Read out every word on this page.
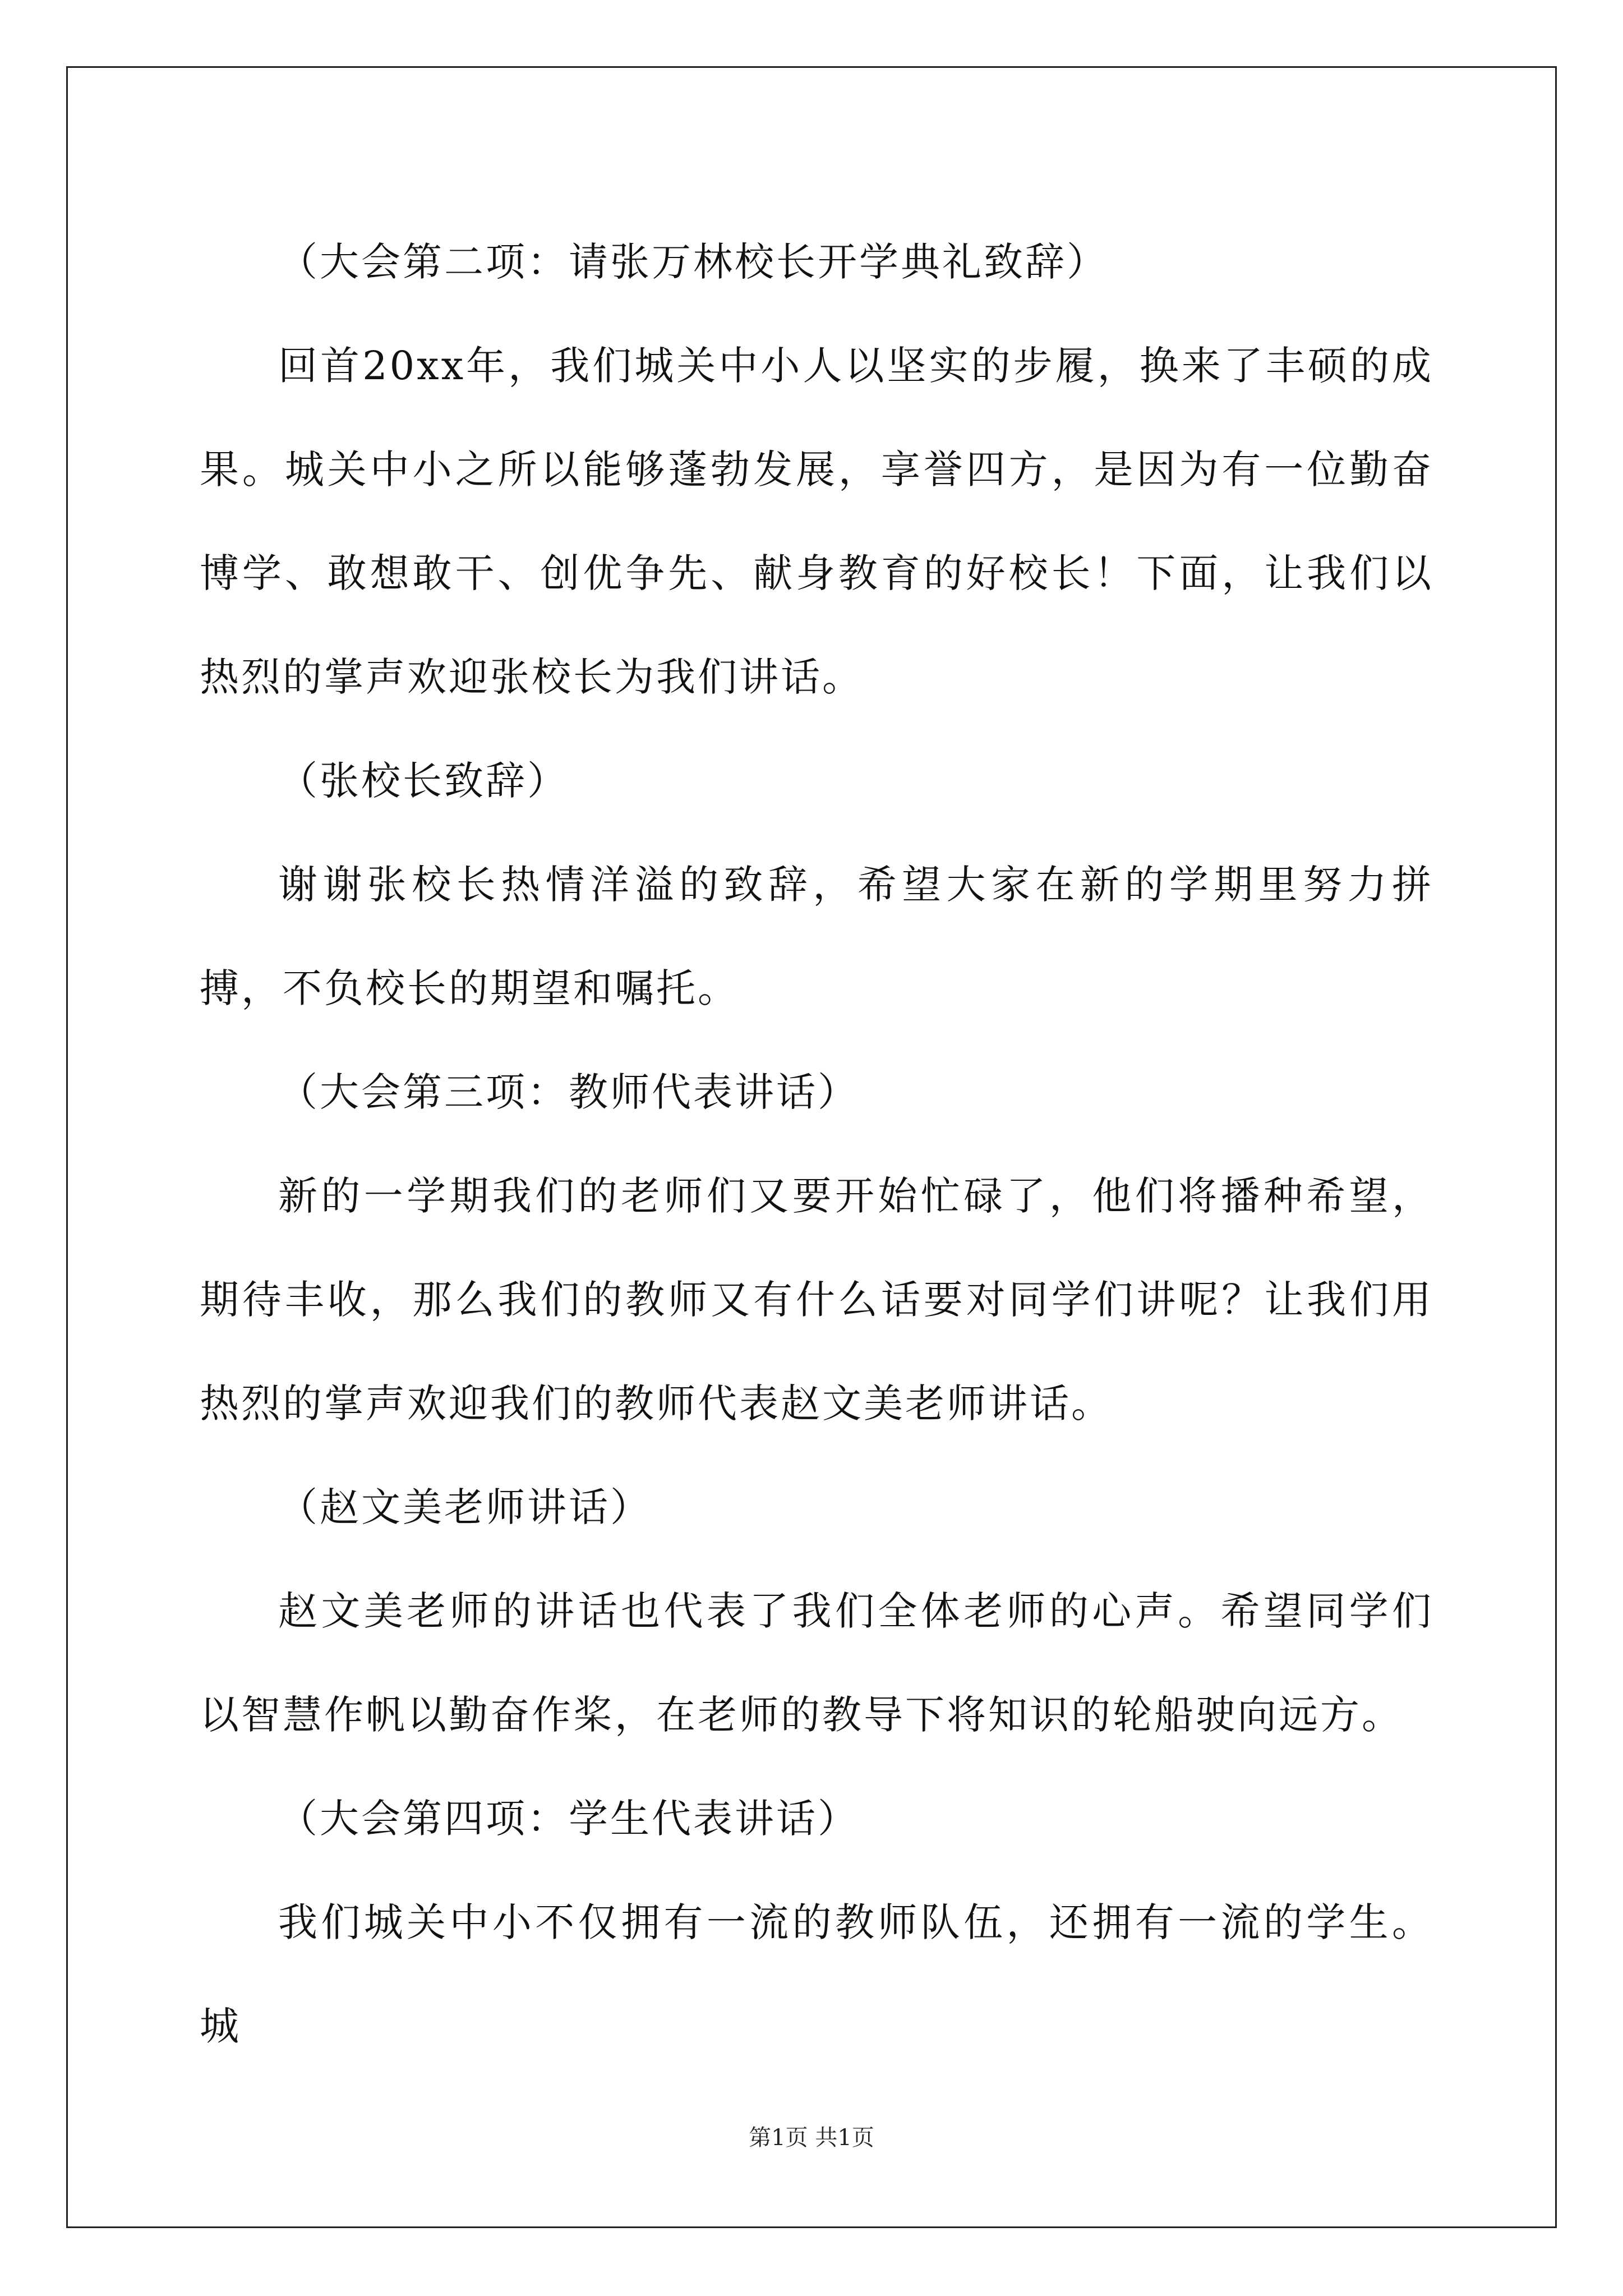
（大会第二项：请张万林校长开学典礼致辞）

回首20xx年，我们城关中小人以坚实的步履，换来了丰硕的成果。城关中小之所以能够蓬勃发展，享誉四方，是因为有一位勤奋博学、敢想敢干、创优争先、献身教育的好校长！下面，让我们以热烈的掌声欢迎张校长为我们讲话。

（张校长致辞）

谢谢张校长热情洋溢的致辞，希望大家在新的学期里努力拼搏，不负校长的期望和嘱托。

（大会第三项：教师代表讲话）

新的一学期我们的老师们又要开始忙碌了，他们将播种希望，期待丰收，那么我们的教师又有什么话要对同学们讲呢？让我们用热烈的掌声欢迎我们的教师代表赵文美老师讲话。

（赵文美老师讲话）

赵文美老师的讲话也代表了我们全体老师的心声。希望同学们以智慧作帆以勤奋作桨，在老师的教导下将知识的轮船驶向远方。

（大会第四项：学生代表讲话）

我们城关中小不仅拥有一流的教师队伍，还拥有一流的学生。城

第1页 共1页
